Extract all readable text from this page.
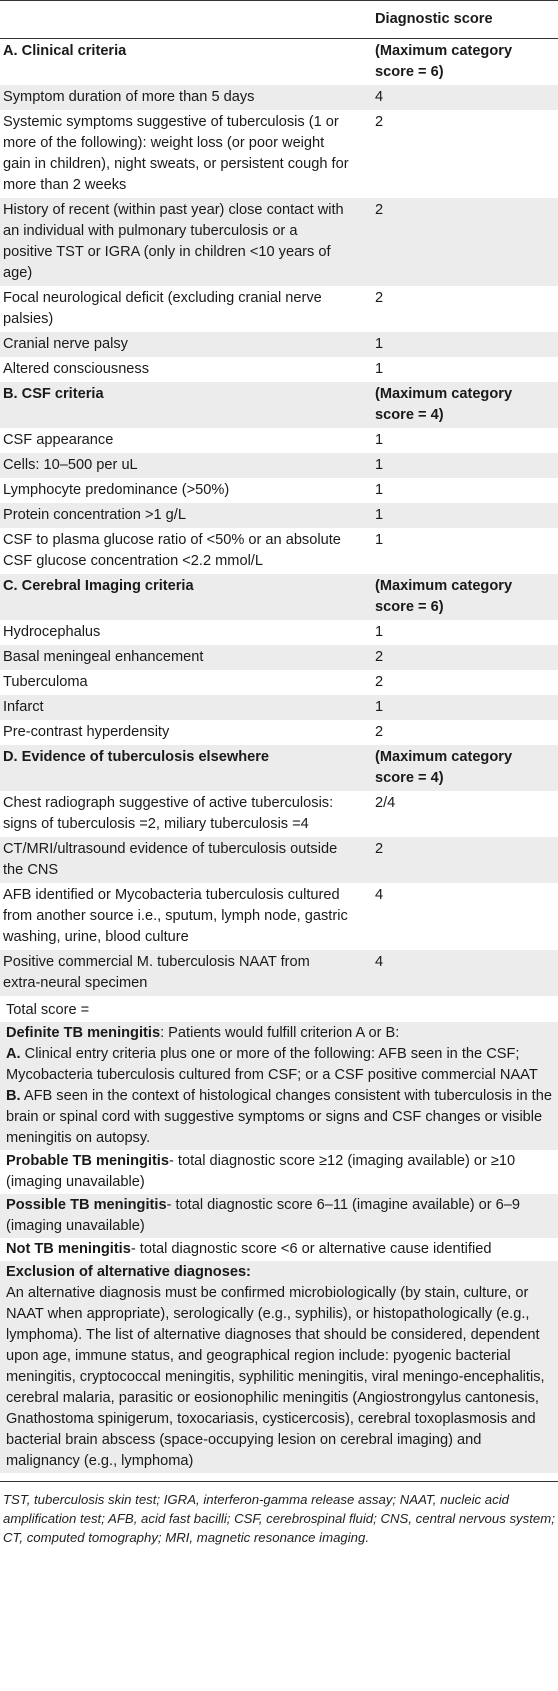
	Diagnostic score
A. Clinical criteria	(Maximum category score = 6)
Symptom duration of more than 5 days	4
Systemic symptoms suggestive of tuberculosis (1 or more of the following): weight loss (or poor weight gain in children), night sweats, or persistent cough for more than 2 weeks	2
History of recent (within past year) close contact with an individual with pulmonary tuberculosis or a positive TST or IGRA (only in children <10 years of age)	2
Focal neurological deficit (excluding cranial nerve palsies)	2
Cranial nerve palsy	1
Altered consciousness	1
B. CSF criteria	(Maximum category score = 4)
CSF appearance	1
Cells: 10–500 per uL	1
Lymphocyte predominance (>50%)	1
Protein concentration >1 g/L	1
CSF to plasma glucose ratio of <50% or an absolute CSF glucose concentration <2.2 mmol/L	1
C. Cerebral Imaging criteria	(Maximum category score = 6)
Hydrocephalus	1
Basal meningeal enhancement	2
Tuberculoma	2
Infarct	1
Pre-contrast hyperdensity	2
D. Evidence of tuberculosis elsewhere	(Maximum category score = 4)
Chest radiograph suggestive of active tuberculosis: signs of tuberculosis =2, miliary tuberculosis =4	2/4
CT/MRI/ultrasound evidence of tuberculosis outside the CNS	2
AFB identified or Mycobacteria tuberculosis cultured from another source i.e., sputum, lymph node, gastric washing, urine, blood culture	4
Positive commercial M. tuberculosis NAAT from extra-neural specimen	4
Total score =	
Definite TB meningitis: Patients would fulfill criterion A or B:
A. Clinical entry criteria plus one or more of the following: AFB seen in the CSF; Mycobacteria tuberculosis cultured from CSF; or a CSF positive commercial NAAT
B. AFB seen in the context of histological changes consistent with tuberculosis in the brain or spinal cord with suggestive symptoms or signs and CSF changes or visible meningitis on autopsy.	
Probable TB meningitis- total diagnostic score ≥12 (imaging available) or ≥10 (imaging unavailable)	
Possible TB meningitis- total diagnostic score 6–11 (imagine available) or 6–9 (imaging unavailable)	
Not TB meningitis- total diagnostic score <6 or alternative cause identified	
Exclusion of alternative diagnoses:
An alternative diagnosis must be confirmed microbiologically (by stain, culture, or NAAT when appropriate), serologically (e.g., syphilis), or histopathologically (e.g., lymphoma). The list of alternative diagnoses that should be considered, dependent upon age, immune status, and geographical region include: pyogenic bacterial meningitis, cryptococcal meningitis, syphilitic meningitis, viral meningo-encephalitis, cerebral malaria, parasitic or eosionophilic meningitis (Angiostrongylus cantonesis, Gnathostoma spinigerum, toxocariasis, cysticercosis), cerebral toxoplasmosis and bacterial brain abscess (space-occupying lesion on cerebral imaging) and malignancy (e.g., lymphoma)	
TST, tuberculosis skin test; IGRA, interferon-gamma release assay; NAAT, nucleic acid amplification test; AFB, acid fast bacilli; CSF, cerebrospinal fluid; CNS, central nervous system; CT, computed tomography; MRI, magnetic resonance imaging.
